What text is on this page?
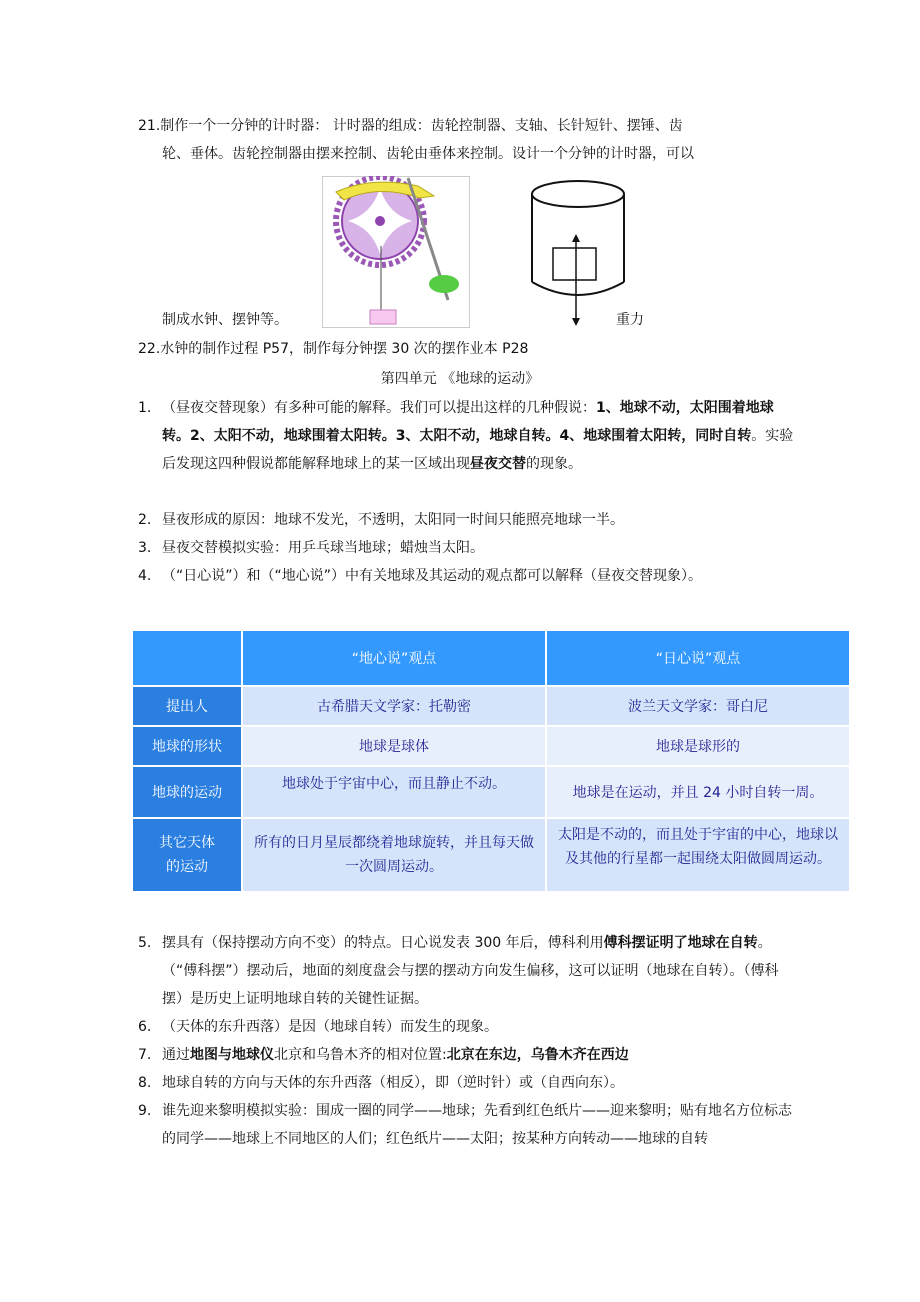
21.制作一个一分钟的计时器： 计时器的组成：齿轮控制器、支轴、长针短针、摆锤、齿
轮、垂体。齿轮控制器由摆来控制、齿轮由垂体来控制。设计一个分钟的计时器，可以
制成水钟、摆钟等。	重力
22.水钟的制作过程 P57，制作每分钟摆 30 次的摆作业本 P28
第四单元 《地球的运动》
1. （昼夜交替现象）有多种可能的解释。我们可以提出这样的几种假说：1、地球不动，太阳围着地球转。2、太阳不动，地球围着太阳转。3、太阳不动，地球自转。4、地球围着太阳转，同时自转。实验后发现这四种假说都能解释地球上的某一区域出现昼夜交替的现象。
2. 昼夜形成的原因：地球不发光，不透明，太阳同一时间只能照亮地球一半。
3. 昼夜交替模拟实验：用乒乓球当地球；蜡烛当太阳。
4. （“日心说”）和（“地心说”）中有关地球及其运动的观点都可以解释（昼夜交替现象）。
	“地心说”观点	“日心说”观点
提出人	古希腊天文学家：托勒密	波兰天文学家：哥白尼
地球的形状	地球是球体	地球是球形的
地球的运动	地球处于宇宙中心，而且静止不动。	地球是在运动，并且 24 小时自转一周。
其它天体
的运动	所有的日月星辰都绕着地球旋转，并且每天做一次圆周运动。	太阳是不动的，而且处于宇宙的中心，地球以及其他的行星都一起围绕太阳做圆周运动。
5. 摆具有（保持摆动方向不变）的特点。日心说发表 300 年后，傅科利用傅科摆证明了地球在自转。（“傅科摆”）摆动后，地面的刻度盘会与摆的摆动方向发生偏移，这可以证明（地球在自转）。（傅科摆）是历史上证明地球自转的关键性证据。
6. （天体的东升西落）是因（地球自转）而发生的现象。
7. 通过地图与地球仪北京和乌鲁木齐的相对位置:北京在东边，乌鲁木齐在西边
8. 地球自转的方向与天体的东升西落（相反），即（逆时针）或（自西向东）。
9. 谁先迎来黎明模拟实验：围成一圈的同学——地球；先看到红色纸片——迎来黎明；贴有地名方位标志的同学——地球上不同地区的人们；红色纸片——太阳；按某种方向转动——地球的自转
